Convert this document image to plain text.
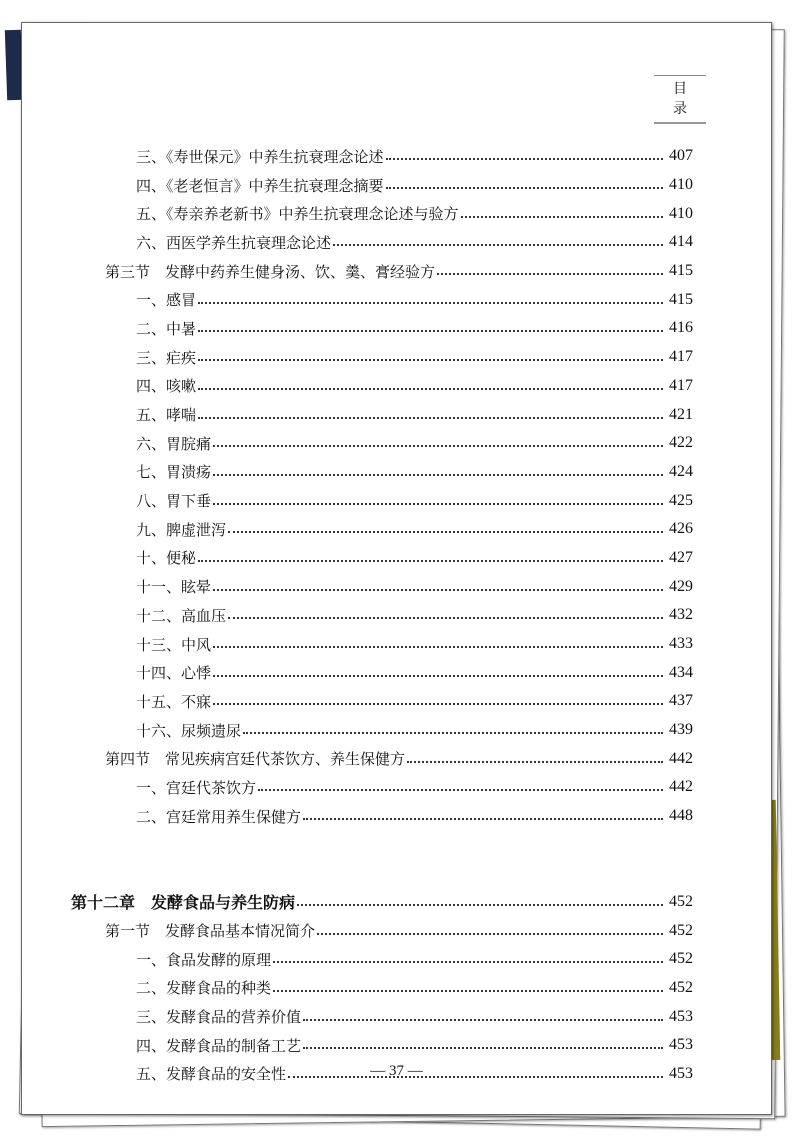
目 录
三、《寿世保元》中养生抗衰理念论述	407
四、《老老恒言》中养生抗衰理念摘要	410
五、《寿亲养老新书》中养生抗衰理念论述与验方	410
六、西医学养生抗衰理念论述	414
第三节　发酵中药养生健身汤、饮、羹、膏经验方	415
一、感冒	415
二、中暑	416
三、疟疾	417
四、咳嗽	417
五、哮喘	421
六、胃脘痛	422
七、胃溃疡	424
八、胃下垂	425
九、脾虚泄泻	426
十、便秘	427
十一、眩晕	429
十二、高血压	432
十三、中风	433
十四、心悸	434
十五、不寐	437
十六、尿频遗尿	439
第四节　常见疾病宫廷代茶饮方、养生保健方	442
一、宫廷代茶饮方	442
二、宫廷常用养生保健方	448
第十二章　发酵食品与养生防病	452
第一节　发酵食品基本情况简介	452
一、食品发酵的原理	452
二、发酵食品的种类	452
三、发酵食品的营养价值	453
四、发酵食品的制备工艺	453
五、发酵食品的安全性	453
— 37 —
